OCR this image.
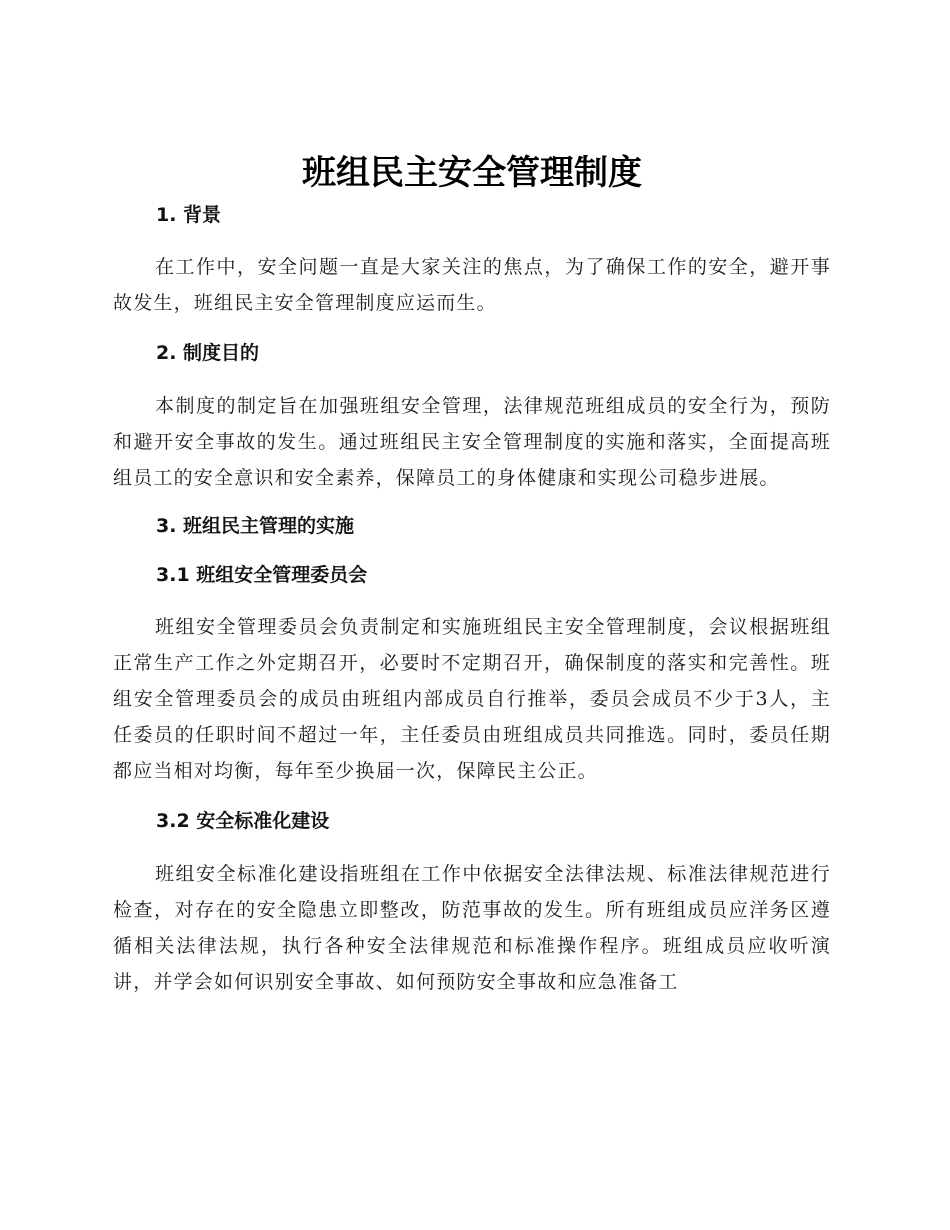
班组民主安全管理制度
1. 背景

在工作中，安全问题一直是大家关注的焦点，为了确保工作的安全，避开事故发生，班组民主安全管理制度应运而生。

2. 制度目的

本制度的制定旨在加强班组安全管理，法律规范班组成员的安全行为，预防和避开安全事故的发生。通过班组民主安全管理制度的实施和落实，全面提高班组员工的安全意识和安全素养，保障员工的身体健康和实现公司稳步进展。

3. 班组民主管理的实施
3.1 班组安全管理委员会

班组安全管理委员会负责制定和实施班组民主安全管理制度，会议根据班组正常生产工作之外定期召开，必要时不定期召开，确保制度的落实和完善性。班组安全管理委员会的成员由班组内部成员自行推举，委员会成员不少于3人，主任委员的任职时间不超过一年，主任委员由班组成员共同推选。同时，委员任期都应当相对均衡，每年至少换届一次，保障民主公正。

3.2 安全标准化建设

班组安全标准化建设指班组在工作中依据安全法律法规、标准法律规范进行检查，对存在的安全隐患立即整改，防范事故的发生。所有班组成员应洋务区遵循相关法律法规，执行各种安全法律规范和标准操作程序。班组成员应收听演讲，并学会如何识别安全事故、如何预防安全事故和应急准备工
